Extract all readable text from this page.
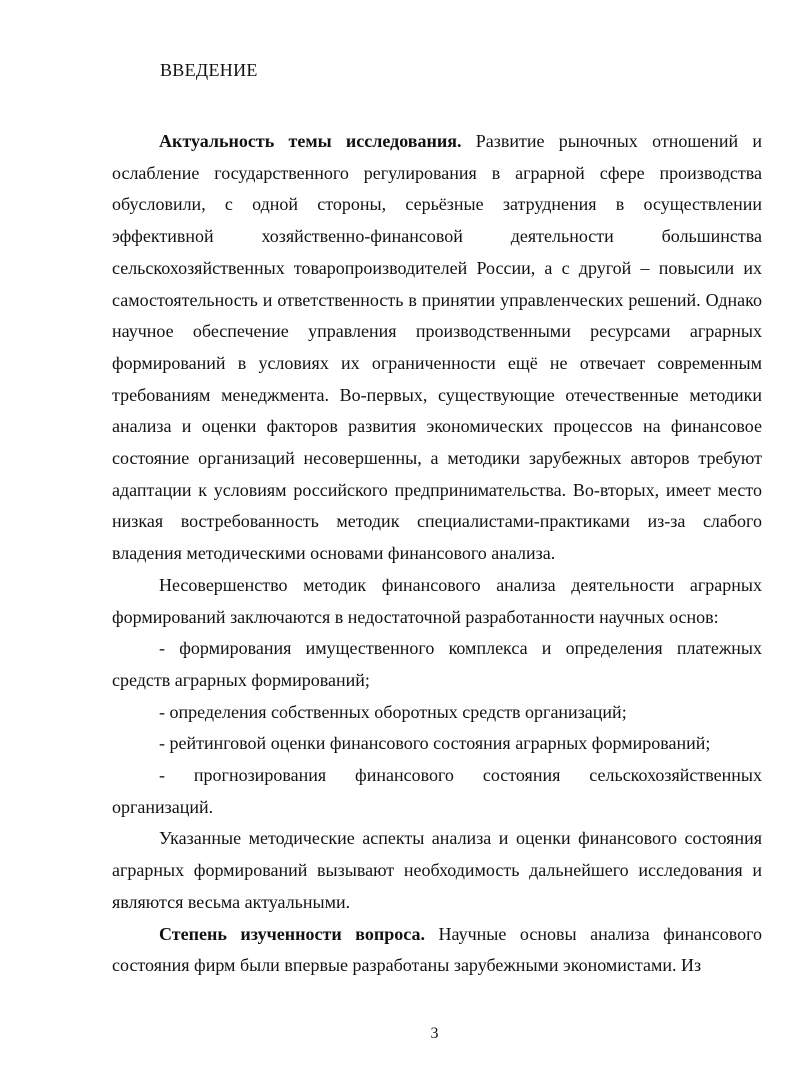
ВВЕДЕНИЕ

Актуальность темы исследования. Развитие рыночных отношений и ослабление государственного регулирования в аграрной сфере производства обусловили, с одной стороны, серьёзные затруднения в осуществлении эффективной хозяйственно-финансовой деятельности большинства сельскохозяйственных товаропроизводителей России, а с другой – повысили их самостоятельность и ответственность в принятии управленческих решений. Однако научное обеспечение управления производственными ресурсами аграрных формирований в условиях их ограниченности ещё не отвечает современным требованиям менеджмента. Во-первых, существующие отечественные методики анализа и оценки факторов развития экономических процессов на финансовое состояние организаций несовершенны, а методики зарубежных авторов требуют адаптации к условиям российского предпринимательства. Во-вторых, имеет место низкая востребованность методик специалистами-практиками из-за слабого владения методическими основами финансового анализа.

Несовершенство методик финансового анализа деятельности аграрных формирований заключаются в недостаточной разработанности научных основ:

- формирования имущественного комплекса и определения платежных средств аграрных формирований;

- определения собственных оборотных средств организаций;

- рейтинговой оценки финансового состояния аграрных формирований;

- прогнозирования финансового состояния сельскохозяйственных организаций.

Указанные методические аспекты анализа и оценки финансового состояния аграрных формирований вызывают необходимость дальнейшего исследования и являются весьма актуальными.

Степень изученности вопроса. Научные основы анализа финансового состояния фирм были впервые разработаны зарубежными экономистами. Из

3
